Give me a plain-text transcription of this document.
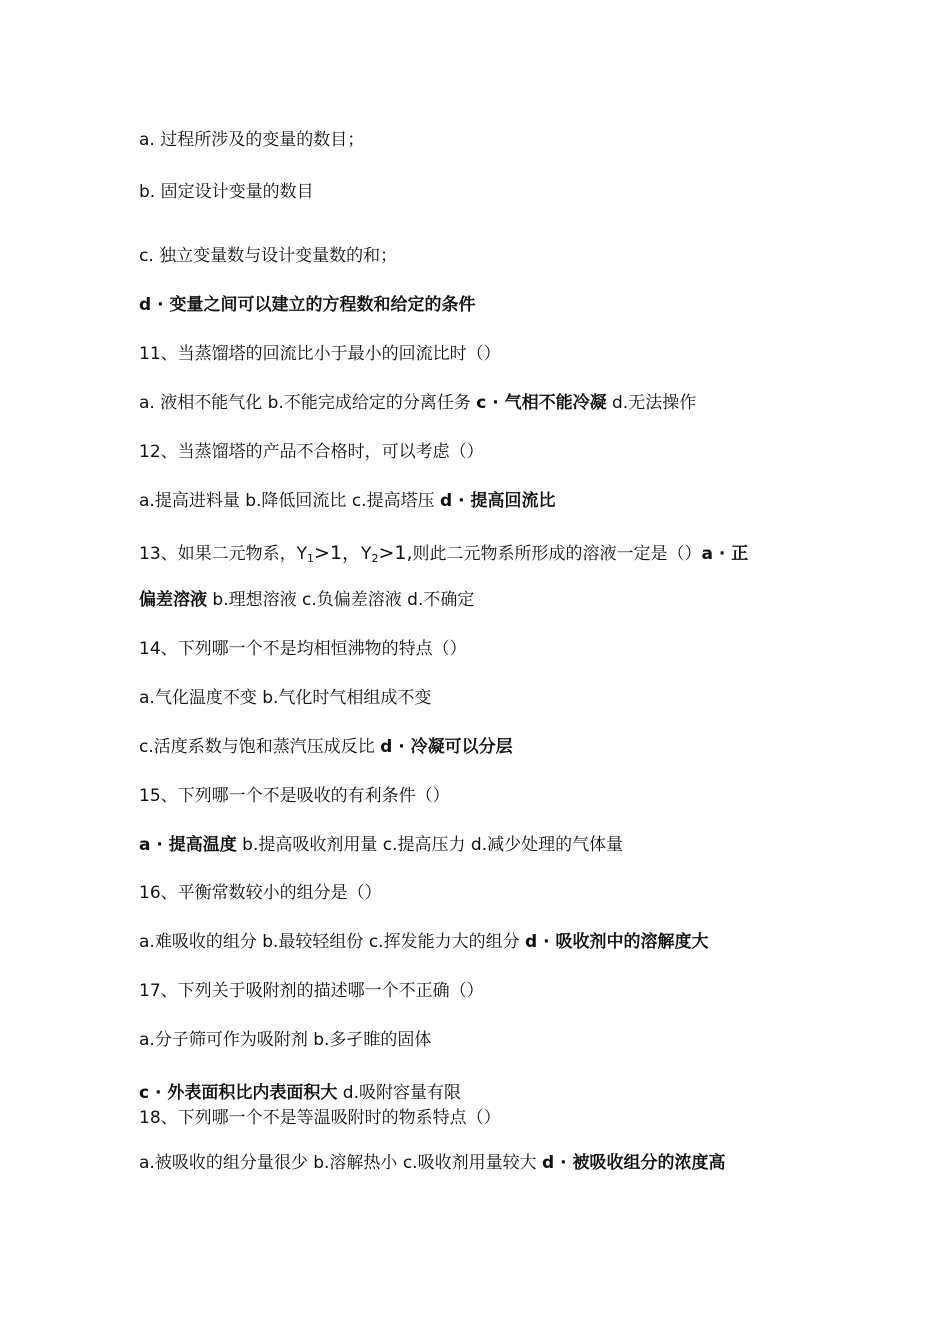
a. 过程所涉及的变量的数目；
b. 固定设计变量的数目
c. 独立变量数与设计变量数的和；
d · 变量之间可以建立的方程数和给定的条件
11、当蒸馏塔的回流比小于最小的回流比时（）
a. 液相不能气化 b.不能完成给定的分离任务 c · 气相不能冷凝 d.无法操作
12、当蒸馏塔的产品不合格时，可以考虑（）
a.提高进料量 b.降低回流比 c.提高塔压 d · 提高回流比
13、如果二元物系，$Y_1>1$，$Y_2>1$,则此二元物系所形成的溶液一定是（）a · 正
偏差溶液 b.理想溶液 c.负偏差溶液 d.不确定
14、下列哪一个不是均相恒沸物的特点（）
a.气化温度不变 b.气化时气相组成不变
c.活度系数与饱和蒸汽压成反比 d · 冷凝可以分层
15、下列哪一个不是吸收的有利条件（）
a · 提高温度 b.提高吸收剂用量 c.提高压力 d.减少处理的气体量
16、平衡常数较小的组分是（）
a.难吸收的组分 b.最较轻组份 c.挥发能力大的组分 d · 吸收剂中的溶解度大
17、下列关于吸附剂的描述哪一个不正确（）
a.分子筛可作为吸附剂 b.多孑睢的固体
c · 外表面积比内表面积大 d.吸附容量有限
18、下列哪一个不是等温吸附时的物系特点（）
a.被吸收的组分量很少 b.溶解热小 c.吸收剂用量较大 d · 被吸收组分的浓度高
